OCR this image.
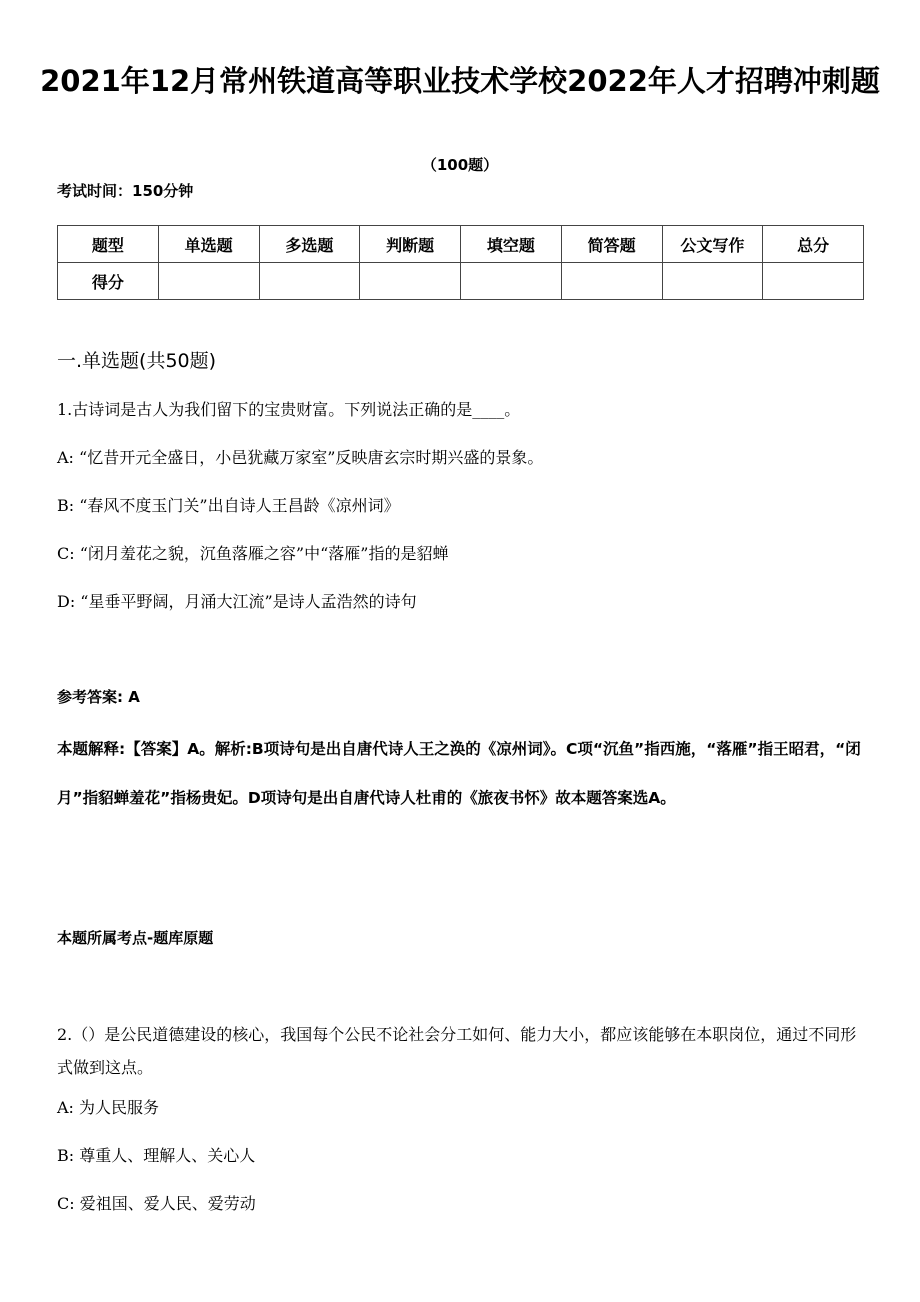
2021年12月常州铁道高等职业技术学校2022年人才招聘冲刺题
（100题）

考试时间：150分钟

题型	单选题	多选题	判断题	填空题	简答题	公文写作	总分
得分							

一.单选题(共50题)

1.古诗词是古人为我们留下的宝贵财富。下列说法正确的是____。

A: “忆昔开元全盛日，小邑犹藏万家室”反映唐玄宗时期兴盛的景象。

B: “春风不度玉门关”出自诗人王昌龄《凉州词》

C: “闭月羞花之貌，沉鱼落雁之容”中“落雁”指的是貂蝉

D: “星垂平野阔，月涌大江流”是诗人孟浩然的诗句

参考答案: A

本题解释:【答案】A。解析:B项诗句是出自唐代诗人王之涣的《凉州词》。C项“沉鱼”指西施，“落雁”指王昭君，“闭月”指貂蝉羞花”指杨贵妃。D项诗句是出自唐代诗人杜甫的《旅夜书怀》故本题答案选A。

本题所属考点-题库原题

2.（）是公民道德建设的核心，我国每个公民不论社会分工如何、能力大小，都应该能够在本职岗位，通过不同形式做到这点。

A: 为人民服务

B: 尊重人、理解人、关心人

C: 爱祖国、爱人民、爱劳动
